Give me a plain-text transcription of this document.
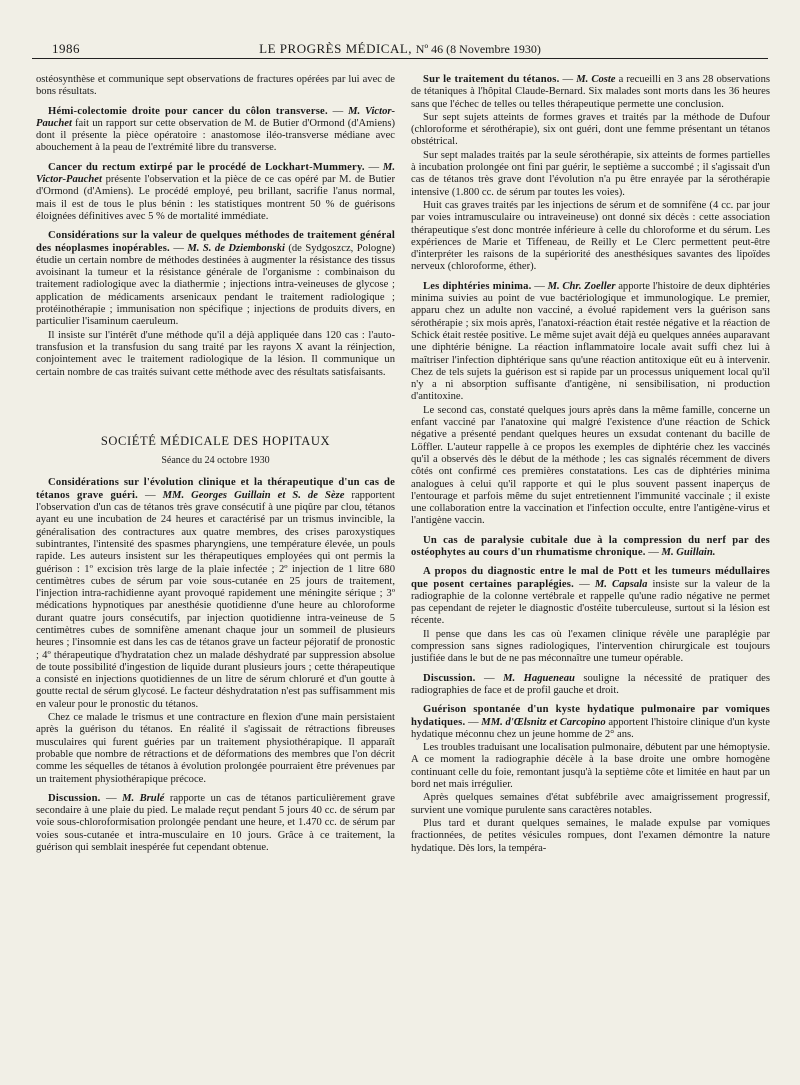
1986	LE PROGRÈS MÉDICAL, Nº 46 (8 Novembre 1930)

ostéosynthèse et communique sept observations de fractures opérées par lui avec de bons résultats.

Hémi-colectomie droite pour cancer du côlon transverse. — M. Victor-Pauchet fait un rapport sur cette observation de M. de Butier d'Ormond (d'Amiens) dont il présente la pièce opératoire : anastomose iléo-transverse médiane avec abouchement à la peau de l'extrémité libre du transverse.

Cancer du rectum extirpé par le procédé de Lockhart-Mummery. — M. Victor-Pauchet présente l'observation et la pièce de ce cas opéré par M. de Butier d'Ormond (d'Amiens). Le procédé employé, peu brillant, sacrifie l'anus normal, mais il est de tous le plus bénin : les statistiques montrent 50 % de guérisons éloignées définitives avec 5 % de mortalité immédiate.

Considérations sur la valeur de quelques méthodes de traitement général des néoplasmes inopérables. — M. S. de Dziembonski (de Sydgoszcz, Pologne) étudie un certain nombre de méthodes destinées à augmenter la résistance des tissus avoisinant la tumeur et la résistance générale de l'organisme : combinaison du traitement radiologique avec la diathermie ; injections intra-veineuses de glycose ; application de médicaments arsenicaux pendant le traitement radiologique ; protéinothérapie ; immunisation non spécifique ; injections de produits divers, en particulier l'isaminum caeruleum.

Il insiste sur l'intérêt d'une méthode qu'il a déjà appliquée dans 120 cas : l'auto-transfusion et la transfusion du sang traité par les rayons X avant la réinjection, conjointement avec le traitement radiologique de la lésion. Il communique un certain nombre de cas traités suivant cette méthode avec des résultats satisfaisants.

SOCIÉTÉ MÉDICALE DES HOPITAUX
Séance du 24 octobre 1930

Considérations sur l'évolution clinique et la thérapeutique d'un cas de tétanos grave guéri. — MM. Georges Guillain et S. de Sèze rapportent l'observation d'un cas de tétanos très grave consécutif à une piqûre par clou, tétanos ayant eu une incubation de 24 heures et caractérisé par un trismus invincible, la généralisation des contractures aux quatre membres, des crises paroxystiques subintrantes, l'intensité des spasmes pharyngiens, une température élevée, un pouls rapide. Les auteurs insistent sur les thérapeutiques employées qui ont permis la guérison : 1º excision très large de la plaie infectée ; 2º injection de 1 litre 680 centimètres cubes de sérum par voie sous-cutanée en 25 jours de traitement, l'injection intra-rachidienne ayant provoqué rapidement une méningite sérique ; 3º médications hypnotiques par anesthésie quotidienne d'une heure au chloroforme durant quatre jours consécutifs, par injection quotidienne intra-veineuse de 5 centimètres cubes de somnifène amenant chaque jour un sommeil de plusieurs heures ; l'insomnie est dans les cas de tétanos grave un facteur péjoratif de pronostic ; 4º thérapeutique d'hydratation chez un malade déshydraté par suppression absolue de toute possibilité d'ingestion de liquide durant plusieurs jours ; cette thérapeutique a consisté en injections quotidiennes de un litre de sérum chloruré et d'un goutte à goutte rectal de sérum glycosé. Le facteur déshydratation n'est pas suffisamment mis en valeur pour le pronostic du tétanos.

Chez ce malade le trismus et une contracture en flexion d'une main persistaient après la guérison du tétanos. En réalité il s'agissait de rétractions fibreuses musculaires qui furent guéries par un traitement physiothérapique. Il apparaît probable que nombre de rétractions et de déformations des membres que l'on décrit comme les séquelles de tétanos à évolution prolongée pourraient être prévenues par un traitement physiothérapique précoce.

Discussion. — M. Brulé rapporte un cas de tétanos particulièrement grave secondaire à une plaie du pied. Le malade reçut pendant 5 jours 40 cc. de sérum par voie sous-chloroformisation prolongée pendant une heure, et 1.470 cc. de sérum par voies sous-cutanée et intra-musculaire en 10 jours. Grâce à ce traitement, la guérison qui semblait inespérée fut cependant obtenue.

Sur le traitement du tétanos. — M. Coste a recueilli en 3 ans 28 observations de tétaniques à l'hôpital Claude-Bernard. Six malades sont morts dans les 36 heures sans que l'échec de telles ou telles thérapeutique permette une conclusion.

Sur sept sujets atteints de formes graves et traités par la méthode de Dufour (chloroforme et sérothérapie), six ont guéri, dont une femme présentant un tétanos obstétrical.

Sur sept malades traités par la seule sérothérapie, six atteints de formes partielles à incubation prolongée ont fini par guérir, le septième a succombé ; il s'agissait d'un cas de tétanos très grave dont l'évolution n'a pu être enrayée par la sérothérapie intensive (1.800 cc. de sérum par toutes les voies).

Huit cas graves traités par les injections de sérum et de somnifène (4 cc. par jour par voies intramusculaire ou intraveineuse) ont donné six décès : cette association thérapeutique s'est donc montrée inférieure à celle du chloroforme et du sérum. Les expériences de Marie et Tiffeneau, de Reilly et Le Clerc permettent peut-être d'interpréter les raisons de la supériorité des anesthésiques savantes des lipoïdes nerveux (chloroforme, éther).

Les diphtéries minima. — M. Chr. Zoeller apporte l'histoire de deux diphtéries minima suivies au point de vue bactériologique et immunologique. Le premier, apparu chez un adulte non vacciné, a évolué rapidement vers la guérison sans sérothérapie ; six mois après, l'anatoxi-réaction était restée négative et la réaction de Schick était restée positive. Le même sujet avait déjà eu quelques années auparavant une diphtérie bénigne. La réaction inflammatoire locale avait suffi chez lui à maîtriser l'infection diphtérique sans qu'une réaction antitoxique eût eu à intervenir. Chez de tels sujets la guérison est si rapide par un processus uniquement local qu'il n'y a ni absorption suffisante d'antigène, ni sensibilisation, ni production d'antitoxine.

Le second cas, constaté quelques jours après dans la même famille, concerne un enfant vacciné par l'anatoxine qui malgré l'existence d'une réaction de Schick négative a présenté pendant quelques heures un exsudat contenant du bacille de Löffler. L'auteur rappelle à ce propos les exemples de diphtérie chez les vaccinés qu'il a observés dès le début de la méthode ; les cas signalés récemment de divers côtés ont confirmé ces premières constatations. Les cas de diphtéries minima analogues à celui qu'il rapporte et qui le plus souvent passent inaperçus de l'entourage et parfois même du sujet entretiennent l'immunité vaccinale ; il existe une collaboration entre la vaccination et l'infection occulte, entre l'antigène-virus et l'antigène vaccin.

Un cas de paralysie cubitale due à la compression du nerf par des ostéophytes au cours d'un rhumatisme chronique. — M. Guillain.

A propos du diagnostic entre le mal de Pott et les tumeurs médullaires que posent certaines paraplégies. — M. Capsala insiste sur la valeur de la radiographie de la colonne vertébrale et rappelle qu'une radio négative ne permet pas cependant de rejeter le diagnostic d'ostéite tuberculeuse, surtout si la lésion est récente.

Il pense que dans les cas où l'examen clinique révèle une paraplégie par compression sans signes radiologiques, l'intervention chirurgicale est toujours justifiée dans le but de ne pas méconnaître une tumeur opérable.

Discussion. — M. Hagueneau souligne la nécessité de pratiquer des radiographies de face et de profil gauche et droit.

Guérison spontanée d'un kyste hydatique pulmonaire par vomiques hydatiques. — MM. d'Œlsnitz et Carcopino apportent l'histoire clinique d'un kyste hydatique méconnu chez un jeune homme de 2° ans.

Les troubles traduisant une localisation pulmonaire, débutent par une hémoptysie. A ce moment la radiographie décèle à la base droite une ombre homogène continuant celle du foie, remontant jusqu'à la septième côte et limitée en haut par un bord net mais irrégulier.

Après quelques semaines d'état subfébrile avec amaigrissement progressif, survient une vomique purulente sans caractères notables.

Plus tard et durant quelques semaines, le malade expulse par vomiques fractionnées, de petites vésicules rompues, dont l'examen démontre la nature hydatique. Dès lors, la tempéra-
